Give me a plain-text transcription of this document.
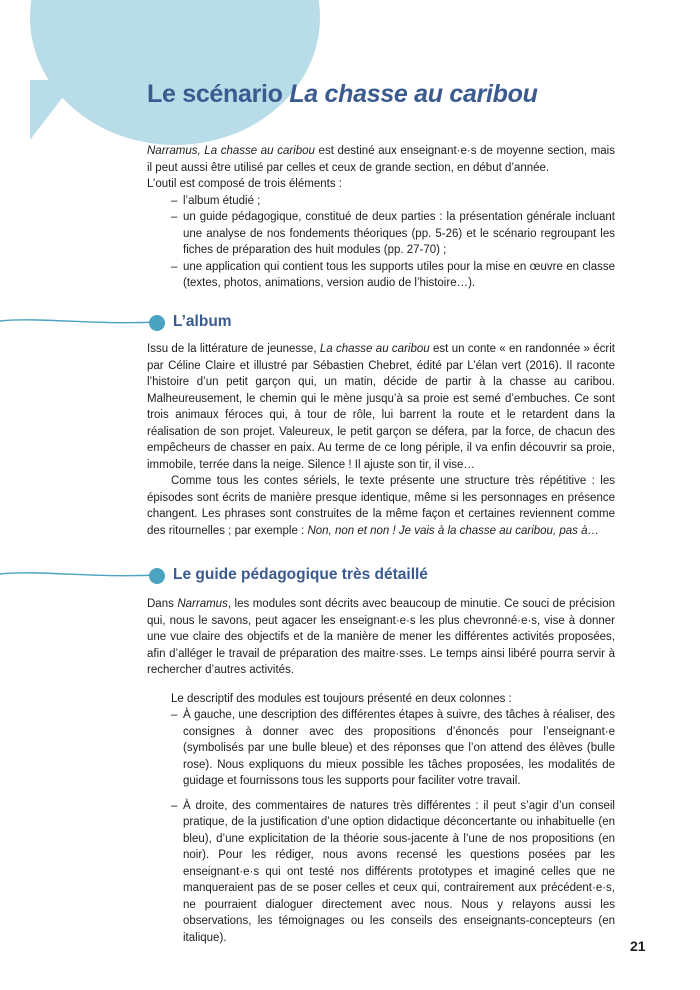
Le scénario La chasse au caribou

Narramus, La chasse au caribou est destiné aux enseignant·e·s de moyenne section, mais il peut aussi être utilisé par celles et ceux de grande section, en début d’année.

L’outil est composé de trois éléments :

– l’album étudié ;
– un guide pédagogique, constitué de deux parties : la présentation générale incluant une analyse de nos fondements théoriques (pp. 5-26) et le scénario regroupant les fiches de préparation des huit modules (pp. 27-70) ;
– une application qui contient tous les supports utiles pour la mise en œuvre en classe (textes, photos, animations, version audio de l’histoire…).
L’album

Issu de la littérature de jeunesse, La chasse au caribou est un conte « en randonnée » écrit par Céline Claire et illustré par Sébastien Chebret, édité par L’élan vert (2016). Il raconte l’histoire d’un petit garçon qui, un matin, décide de partir à la chasse au caribou. Malheureusement, le chemin qui le mène jusqu’à sa proie est semé d’embuches. Ce sont trois animaux féroces qui, à tour de rôle, lui barrent la route et le retardent dans la réalisation de son projet. Valeureux, le petit garçon se défera, par la force, de chacun des empêcheurs de chasser en paix. Au terme de ce long périple, il va enfin découvrir sa proie, immobile, terrée dans la neige. Silence ! Il ajuste son tir, il vise…

Comme tous les contes sériels, le texte présente une structure très répétitive : les épisodes sont écrits de manière presque identique, même si les personnages en présence changent. Les phrases sont construites de la même façon et certaines reviennent comme des ritournelles ; par exemple : Non, non et non ! Je vais à la chasse au caribou, pas à…

Le guide pédagogique très détaillé

Dans Narramus, les modules sont décrits avec beaucoup de minutie. Ce souci de précision qui, nous le savons, peut agacer les enseignant·e·s les plus chevronné·e·s, vise à donner une vue claire des objectifs et de la manière de mener les différentes activités proposées, afin d’alléger le travail de préparation des maitre·sses. Le temps ainsi libéré pourra servir à rechercher d’autres activités.

Le descriptif des modules est toujours présenté en deux colonnes :

– À gauche, une description des différentes étapes à suivre, des tâches à réaliser, des consignes à donner avec des propositions d’énoncés pour l’enseignant·e (symbolisés par une bulle bleue) et des réponses que l’on attend des élèves (bulle rose). Nous expliquons du mieux possible les tâches proposées, les modalités de guidage et fournissons tous les supports pour faciliter votre travail.
– À droite, des commentaires de natures très différentes : il peut s’agir d’un conseil pratique, de la justification d’une option didactique déconcertante ou inhabituelle (en bleu), d’une explicitation de la théorie sous-jacente à l’une de nos propositions (en noir). Pour les rédiger, nous avons recensé les questions posées par les enseignant·e·s qui ont testé nos différents prototypes et imaginé celles que ne manqueraient pas de se poser celles et ceux qui, contrairement aux précédent·e·s, ne pourraient dialoguer directement avec nous. Nous y relayons aussi les observations, les témoignages ou les conseils des enseignants-concepteurs (en italique).
21
